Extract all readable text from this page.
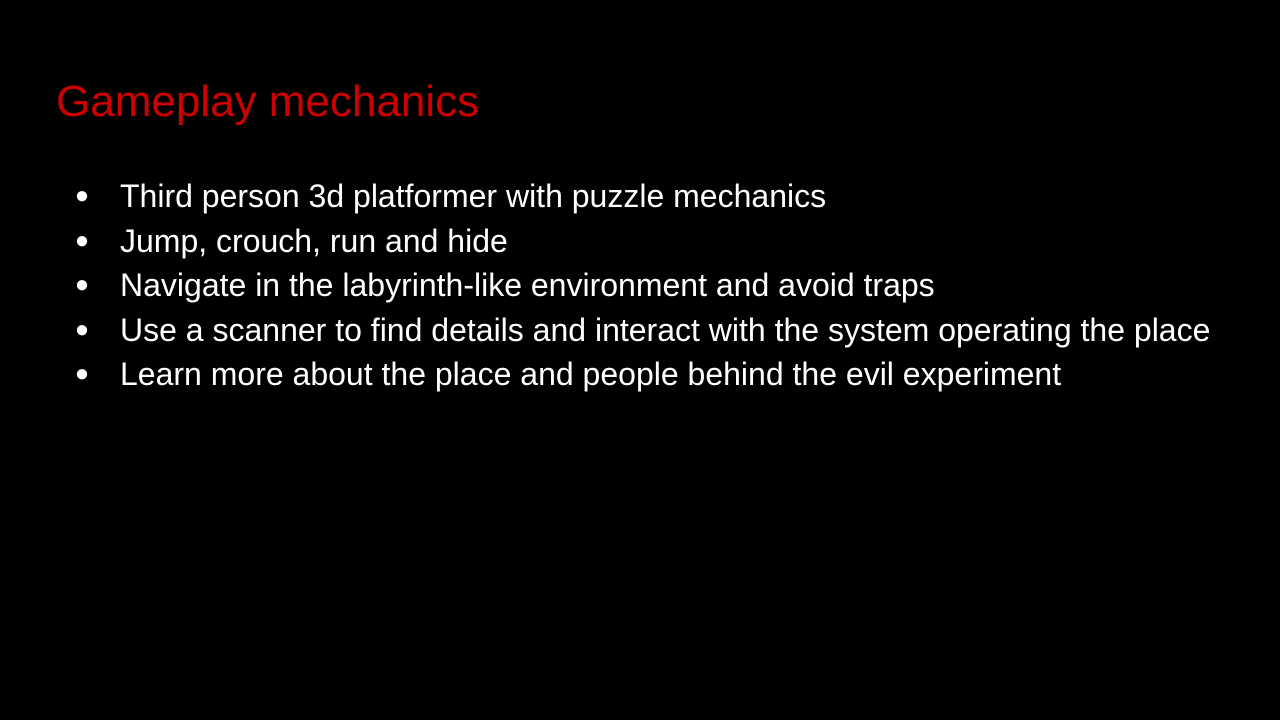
Gameplay mechanics
● Third person 3d platformer with puzzle mechanics
● Jump, crouch, run and hide
● Navigate in the labyrinth-like environment and avoid traps
● Use a scanner to find details and interact with the system operating the place
● Learn more about the place and people behind the evil experiment
